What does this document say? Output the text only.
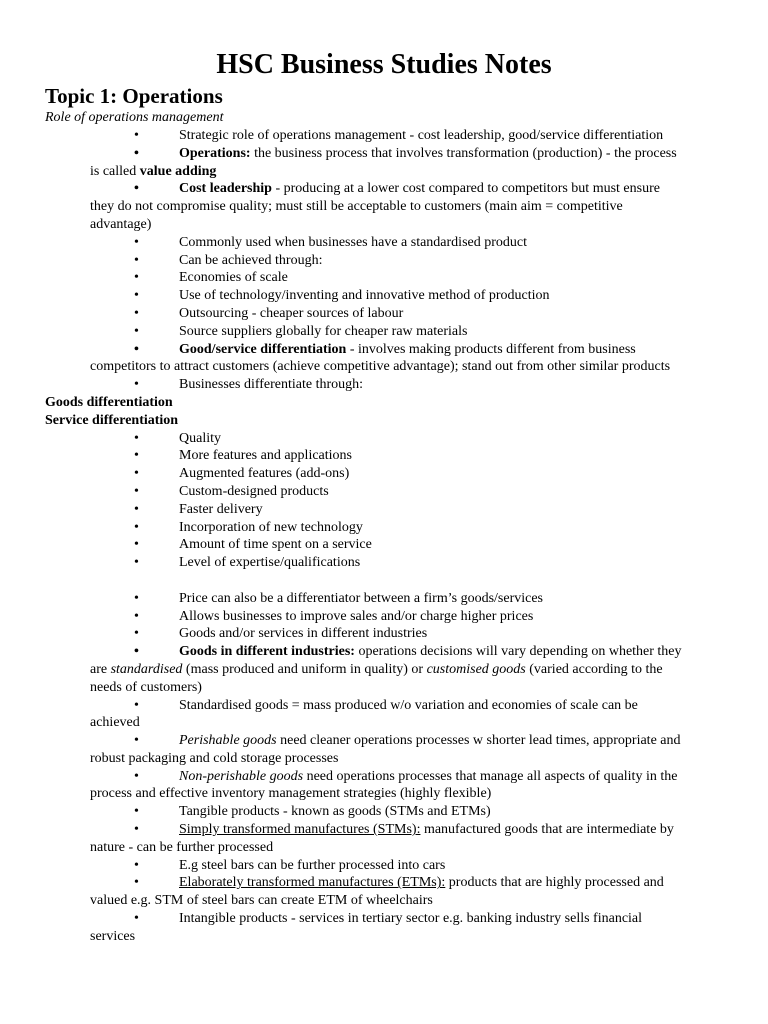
HSC Business Studies Notes
Topic 1: Operations
Role of operations management
•	Strategic role of operations management - cost leadership, good/service differentiation
•	Operations: the business process that involves transformation (production) - the process
is called value adding
•	Cost leadership - producing at a lower cost compared to competitors but must ensure
they do not compromise quality; must still be acceptable to customers (main aim = competitive
advantage)
•	Commonly used when businesses have a standardised product
•	Can be achieved through:
•	Economies of scale
•	Use of technology/inventing and innovative method of production
•	Outsourcing - cheaper sources of labour
•	Source suppliers globally for cheaper raw materials
•	Good/service differentiation - involves making products different from business
competitors to attract customers (achieve competitive advantage); stand out from other similar products
•	Businesses differentiate through:
Goods differentiation
Service differentiation
•	Quality
•	More features and applications
•	Augmented features (add-ons)
•	Custom-designed products
•	Faster delivery
•	Incorporation of new technology
•	Amount of time spent on a service
•	Level of expertise/qualifications
•	Price can also be a differentiator between a firm’s goods/services
•	Allows businesses to improve sales and/or charge higher prices
•	Goods and/or services in different industries
•	Goods in different industries: operations decisions will vary depending on whether they
are standardised (mass produced and uniform in quality) or customised goods (varied according to the
needs of customers)
•	Standardised goods = mass produced w/o variation and economies of scale can be
achieved
•	Perishable goods need cleaner operations processes w shorter lead times, appropriate and
robust packaging and cold storage processes
•	Non-perishable goods need operations processes that manage all aspects of quality in the
process and effective inventory management strategies (highly flexible)
•	Tangible products - known as goods (STMs and ETMs)
•	Simply transformed manufactures (STMs): manufactured goods that are intermediate by
nature - can be further processed
•	E.g steel bars can be further processed into cars
•	Elaborately transformed manufactures (ETMs): products that are highly processed and
valued e.g. STM of steel bars can create ETM of wheelchairs
•	Intangible products - services in tertiary sector e.g. banking industry sells financial
services
